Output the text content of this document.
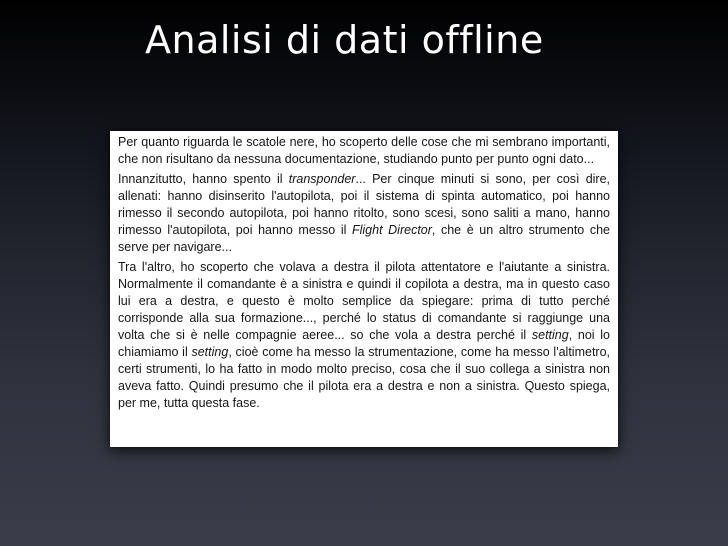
Analisi di dati offline

Per quanto riguarda le scatole nere, ho scoperto delle cose che mi sembrano importanti, che non risultano da nessuna documentazione, studiando punto per punto ogni dato...

Innanzitutto, hanno spento il transponder... Per cinque minuti si sono, per così dire, allenati: hanno disinserito l'autopilota, poi il sistema di spinta automatico, poi hanno rimesso il secondo autopilota, poi hanno ritolto, sono scesi, sono saliti a mano, hanno rimesso l'autopilota, poi hanno messo il Flight Director, che è un altro strumento che serve per navigare...

Tra l'altro, ho scoperto che volava a destra il pilota attentatore e l'aiutante a sinistra. Normalmente il comandante è a sinistra e quindi il copilota a destra, ma in questo caso lui era a destra, e questo è molto semplice da spiegare: prima di tutto perché corrisponde alla sua formazione..., perché lo status di comandante si raggiunge una volta che si è nelle compagnie aeree... so che vola a destra perché il setting, noi lo chiamiamo il setting, cioè come ha messo la strumentazione, come ha messo l'altimetro, certi strumenti, lo ha fatto in modo molto preciso, cosa che il suo collega a sinistra non aveva fatto. Quindi presumo che il pilota era a destra e non a sinistra. Questo spiega, per me, tutta questa fase.
